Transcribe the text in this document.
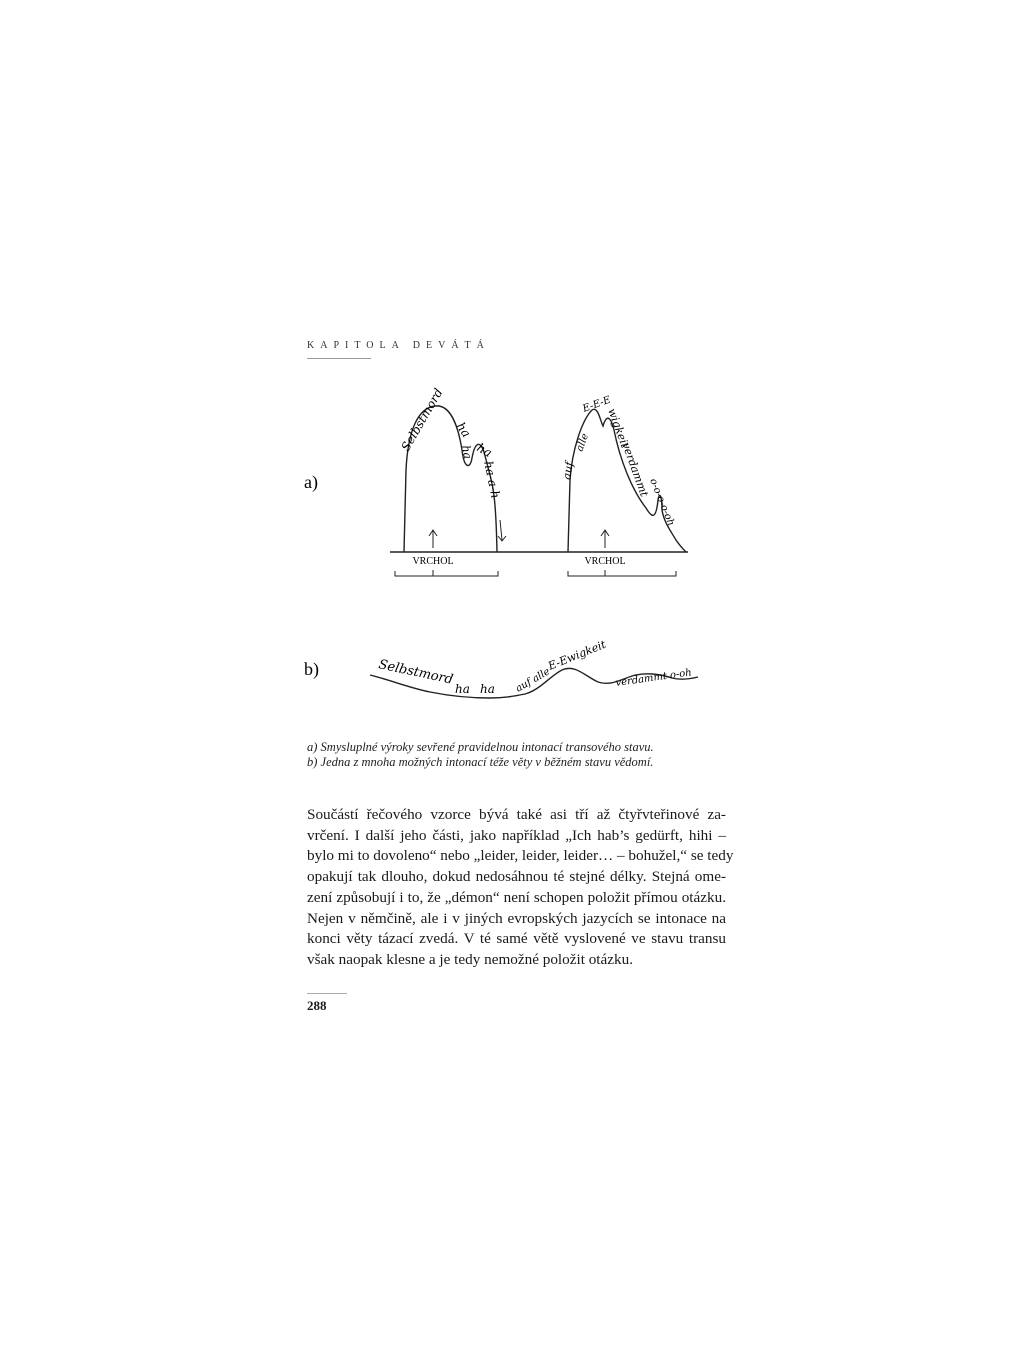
KAPITOLA DEVÁTÁ
a)
b)
Selbstmord ha
ha ha
ha-a-h	auf
alle
E-E-E
wigkeit
verdammt
o-o-o-o-oh
VRCHOL	VRCHOL
Selbstmord
ha ha auf alle
E-Ewigkeit
verdammt o-oh
a) Smysluplné výroky sevřené pravidelnou intonací transového stavu.
b) Jedna z mnoha možných intonací téže věty v běžném stavu vědomí.
Součástí řečového vzorce bývá také asi tří až čtyřvteřinové za-
vrčení. I další jeho části, jako například „Ich hab’s gedürft, hihi –
bylo mi to dovoleno“ nebo „leider, leider, leider… – bohužel,“ se tedy
opakují tak dlouho, dokud nedosáhnou té stejné délky. Stejná ome-
zení způsobují i to, že „démon“ není schopen položit přímou otázku.
Nejen v němčině, ale i v jiných evropských jazycích se intonace na
konci věty tázací zvedá. V té samé větě vyslovené ve stavu transu
však naopak klesne a je tedy nemožné položit otázku.
288
